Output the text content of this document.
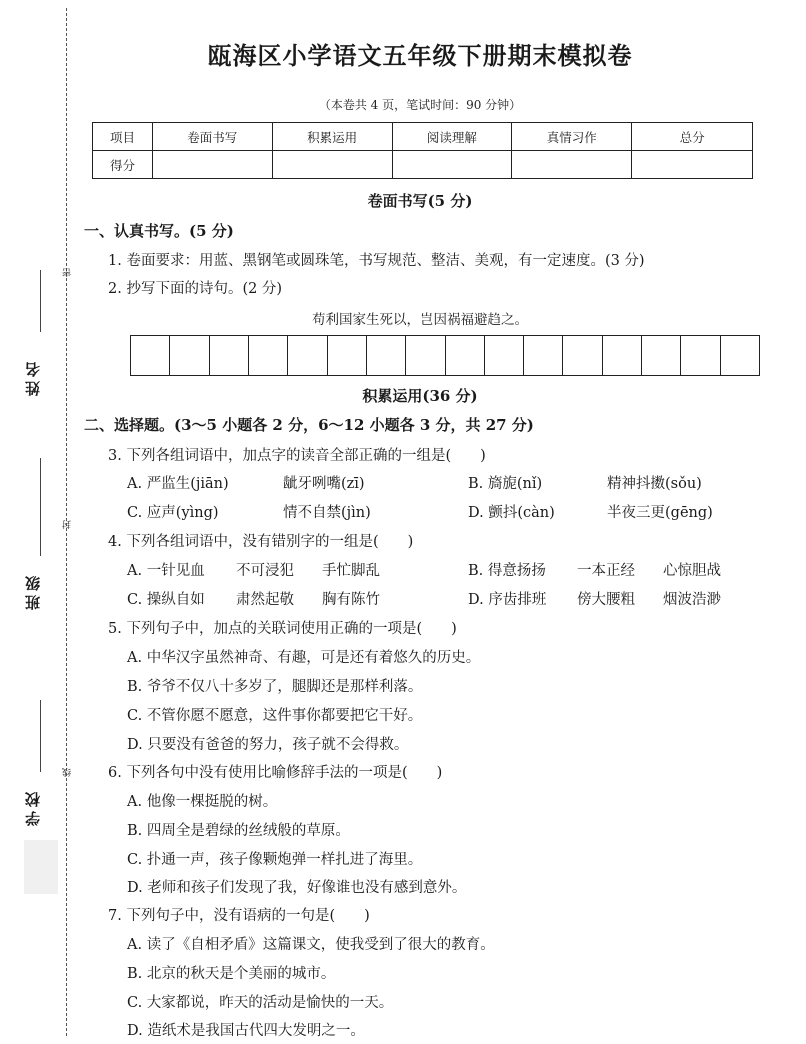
密
姓名
封
班级
线
学校
瓯海区小学语文五年级下册期末模拟卷
（本卷共 4 页，笔试时间：90 分钟）
项目	卷面书写	积累运用	阅读理解	真情习作	总分
得分					
卷面书写(5 分)
一、认真书写。(5 分)
1. 卷面要求：用蓝、黑钢笔或圆珠笔，书写规范、整洁、美观，有一定速度。(3 分)
2. 抄写下面的诗句。(2 分)
苟利国家生死以，岂因祸福避趋之。
积累运用(36 分)
二、选择题。(3～5 小题各 2 分，6～12 小题各 3 分，共 27 分)
3. 下列各组词语中，加点字的读音全部正确的一组是(　　)
A. 严监生(jiān)	龇牙咧嘴(zī)	B. 旖旎(nǐ)	精神抖擞(sǒu)
C. 应声(yìng)	情不自禁(jìn)	D. 颤抖(càn)	半夜三更(gēng)
4. 下列各组词语中，没有错别字的一组是(　　)
A. 一针见血 不可浸犯 手忙脚乱	B. 得意扬扬 一本正经 心惊胆战
C. 操纵自如 肃然起敬 胸有陈竹	D. 序齿排班 傍大腰粗 烟波浩渺
5. 下列句子中，加点的关联词使用正确的一项是(　　)
A. 中华汉字虽然神奇、有趣，可是还有着悠久的历史。
B. 爷爷不仅八十多岁了，腿脚还是那样利落。
C. 不管你愿不愿意，这件事你都要把它干好。
D. 只要没有爸爸的努力，孩子就不会得救。
6. 下列各句中没有使用比喻修辞手法的一项是(　　)
A. 他像一棵挺脱的树。
B. 四周全是碧绿的丝绒般的草原。
C. 扑通一声，孩子像颗炮弹一样扎进了海里。
D. 老师和孩子们发现了我，好像谁也没有感到意外。
7. 下列句子中，没有语病的一句是(　　)
A. 读了《自相矛盾》这篇课文，使我受到了很大的教育。
B. 北京的秋天是个美丽的城市。
C. 大家都说，昨天的活动是愉快的一天。
D. 造纸术是我国古代四大发明之一。
